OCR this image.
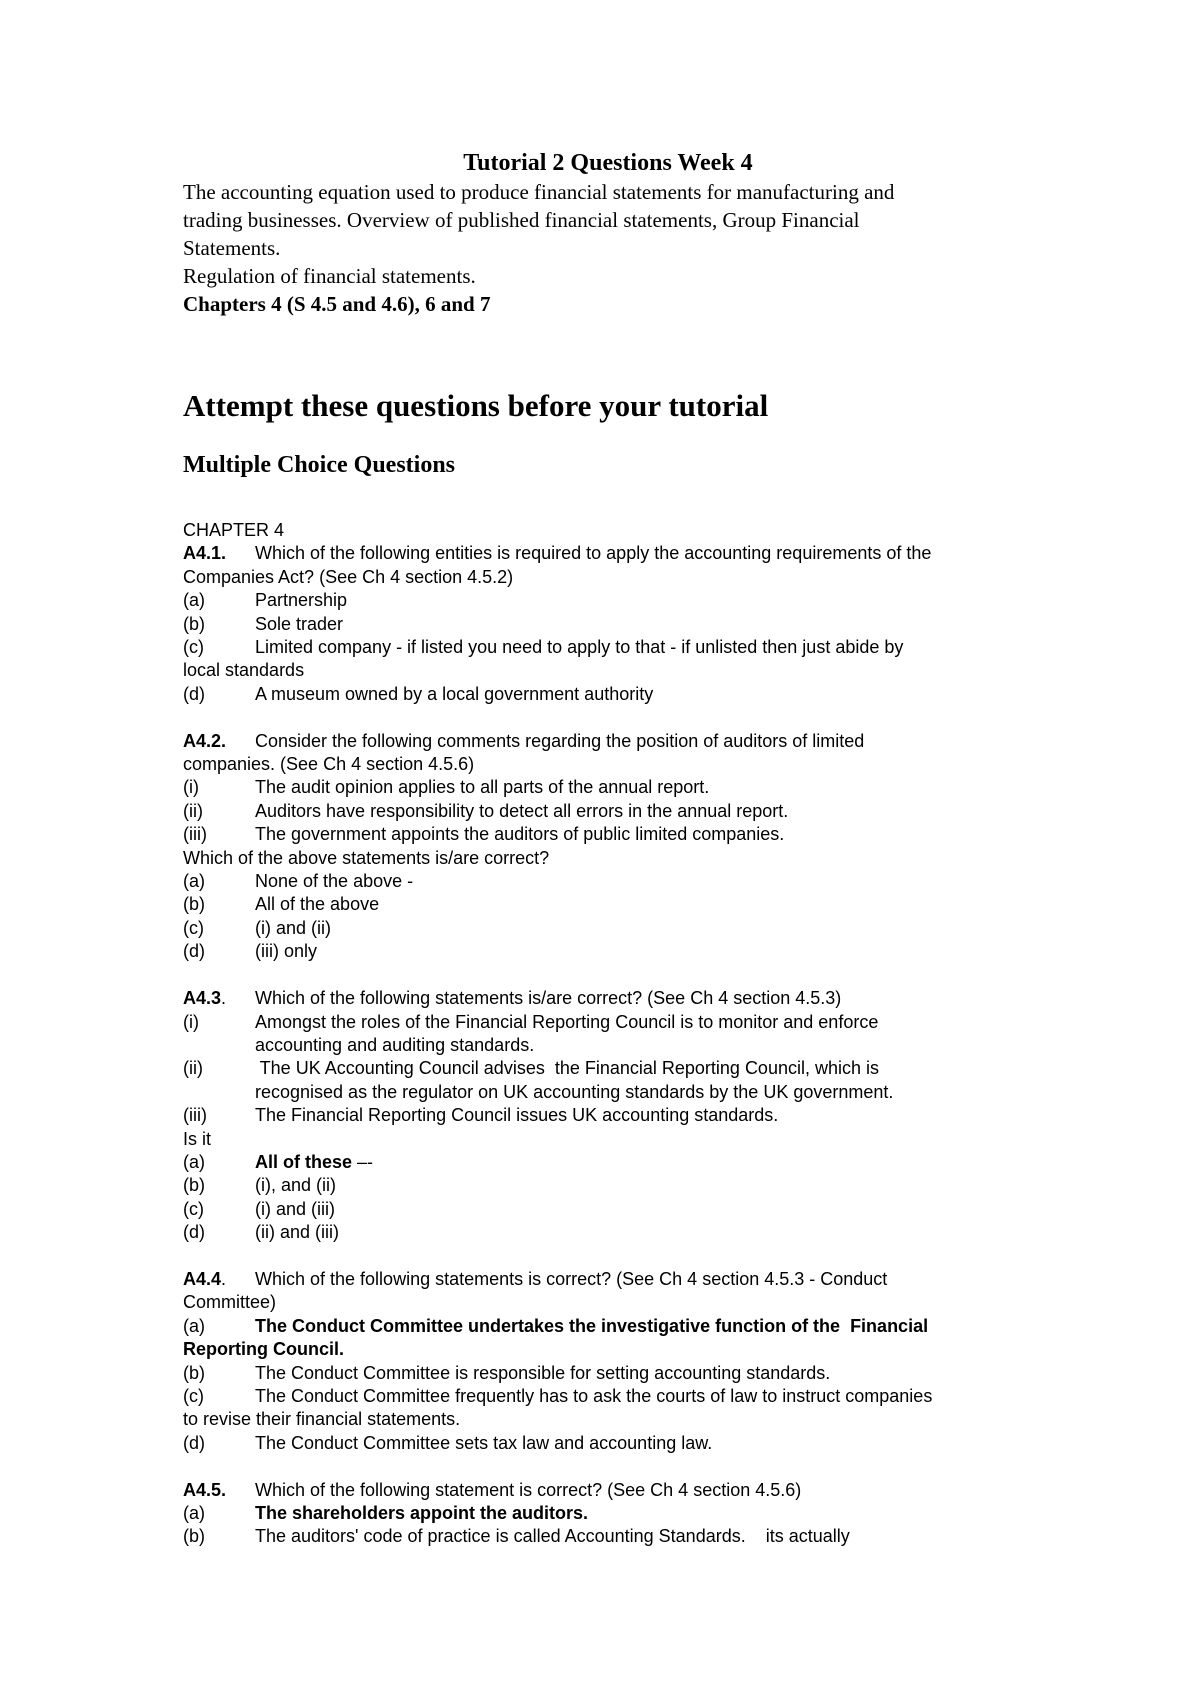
Tutorial 2 Questions Week 4

The accounting equation used to produce financial statements for manufacturing and

trading businesses. Overview of published financial statements, Group Financial

Statements.

Regulation of financial statements.

Chapters 4 (S 4.5 and 4.6), 6 and 7

Attempt these questions before your tutorial
Multiple Choice Questions

CHAPTER 4

A4.1. Which of the following entities is required to apply the accounting requirements of the

Companies Act? (See Ch 4 section 4.5.2)

(a)	Partnership
(b)	Sole trader
(c)	Limited company - if listed you need to apply to that - if unlisted then just abide by

local standards

(d)	A museum owned by a local government authority

A4.2. Consider the following comments regarding the position of auditors of limited

companies. (See Ch 4 section 4.5.6)

(i)	The audit opinion applies to all parts of the annual report.
(ii)	Auditors have responsibility to detect all errors in the annual report.
(iii)	The government appoints the auditors of public limited companies.

Which of the above statements is/are correct?

(a)	None of the above -
(b)	All of the above
(c)	(i) and (ii)
(d)	(iii) only

A4.3. Which of the following statements is/are correct? (See Ch 4 section 4.5.3)

(i)	Amongst the roles of the Financial Reporting Council is to monitor and enforce

accounting and auditing standards.

(ii)	The UK Accounting Council advises  the Financial Reporting Council, which is

recognised as the regulator on UK accounting standards by the UK government.

(iii)	The Financial Reporting Council issues UK accounting standards.

Is it

(a)	All of these –-
(b)	(i), and (ii)
(c)	(i) and (iii)
(d)	(ii) and (iii)

A4.4. Which of the following statements is correct? (See Ch 4 section 4.5.3 - Conduct

Committee)

(a)	The Conduct Committee undertakes the investigative function of the  Financial

Reporting Council.

(b)	The Conduct Committee is responsible for setting accounting standards.
(c)	The Conduct Committee frequently has to ask the courts of law to instruct companies

to revise their financial statements.

(d)	The Conduct Committee sets tax law and accounting law.

A4.5. Which of the following statement is correct? (See Ch 4 section 4.5.6)

(a)	The shareholders appoint the auditors.
(b)	The auditors' code of practice is called Accounting Standards.    its actually
